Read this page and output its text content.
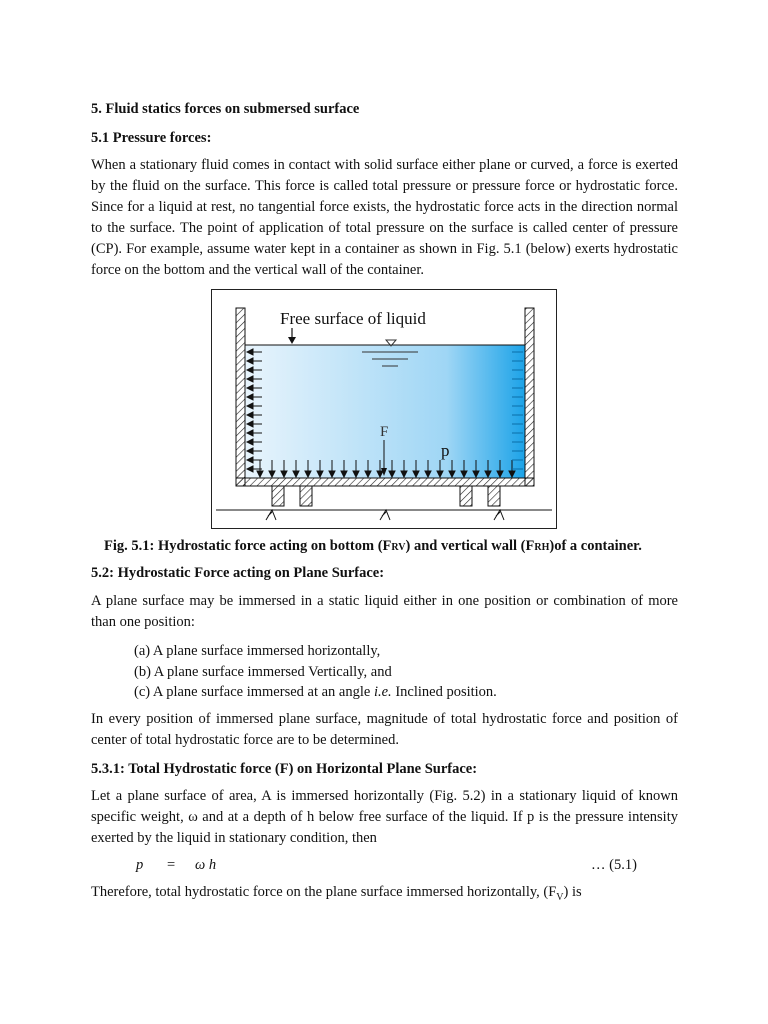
5. Fluid statics forces on submersed surface
5.1 Pressure forces:

When a stationary fluid comes in contact with solid surface either plane or curved, a force is exerted by the fluid on the surface. This force is called total pressure or pressure force or hydrostatic force. Since for a liquid at rest, no tangential force exists, the hydrostatic force acts in the direction normal to the surface. The point of application of total pressure on the surface is called center of pressure (CP). For example, assume water kept in a container as shown in Fig. 5.1 (below) exerts hydrostatic force on the bottom and the vertical wall of the container.

Free surface of liquid
F
p

Fig. 5.1: Hydrostatic force acting on bottom (FRV) and vertical wall (FRH)of a container.

5.2: Hydrostatic Force acting on Plane Surface:

A plane surface may be immersed in a static liquid either in one position or combination of more than one position:

(a) A plane surface immersed horizontally,
(b) A plane surface immersed Vertically, and
(c) A plane surface immersed at an angle i.e. Inclined position.

In every position of immersed plane surface, magnitude of total hydrostatic force and position of center of total hydrostatic force are to be determined.

5.3.1: Total Hydrostatic force (F) on Horizontal Plane Surface:

Let a plane surface of area, A is immersed horizontally (Fig. 5.2) in a stationary liquid of known specific weight, ω and at a depth of h below free surface of the liquid. If p is the pressure intensity exerted by the liquid in stationary condition, then

p = ω h	… (5.1)

Therefore, total hydrostatic force on the plane surface immersed horizontally, $(F_V)$ is
